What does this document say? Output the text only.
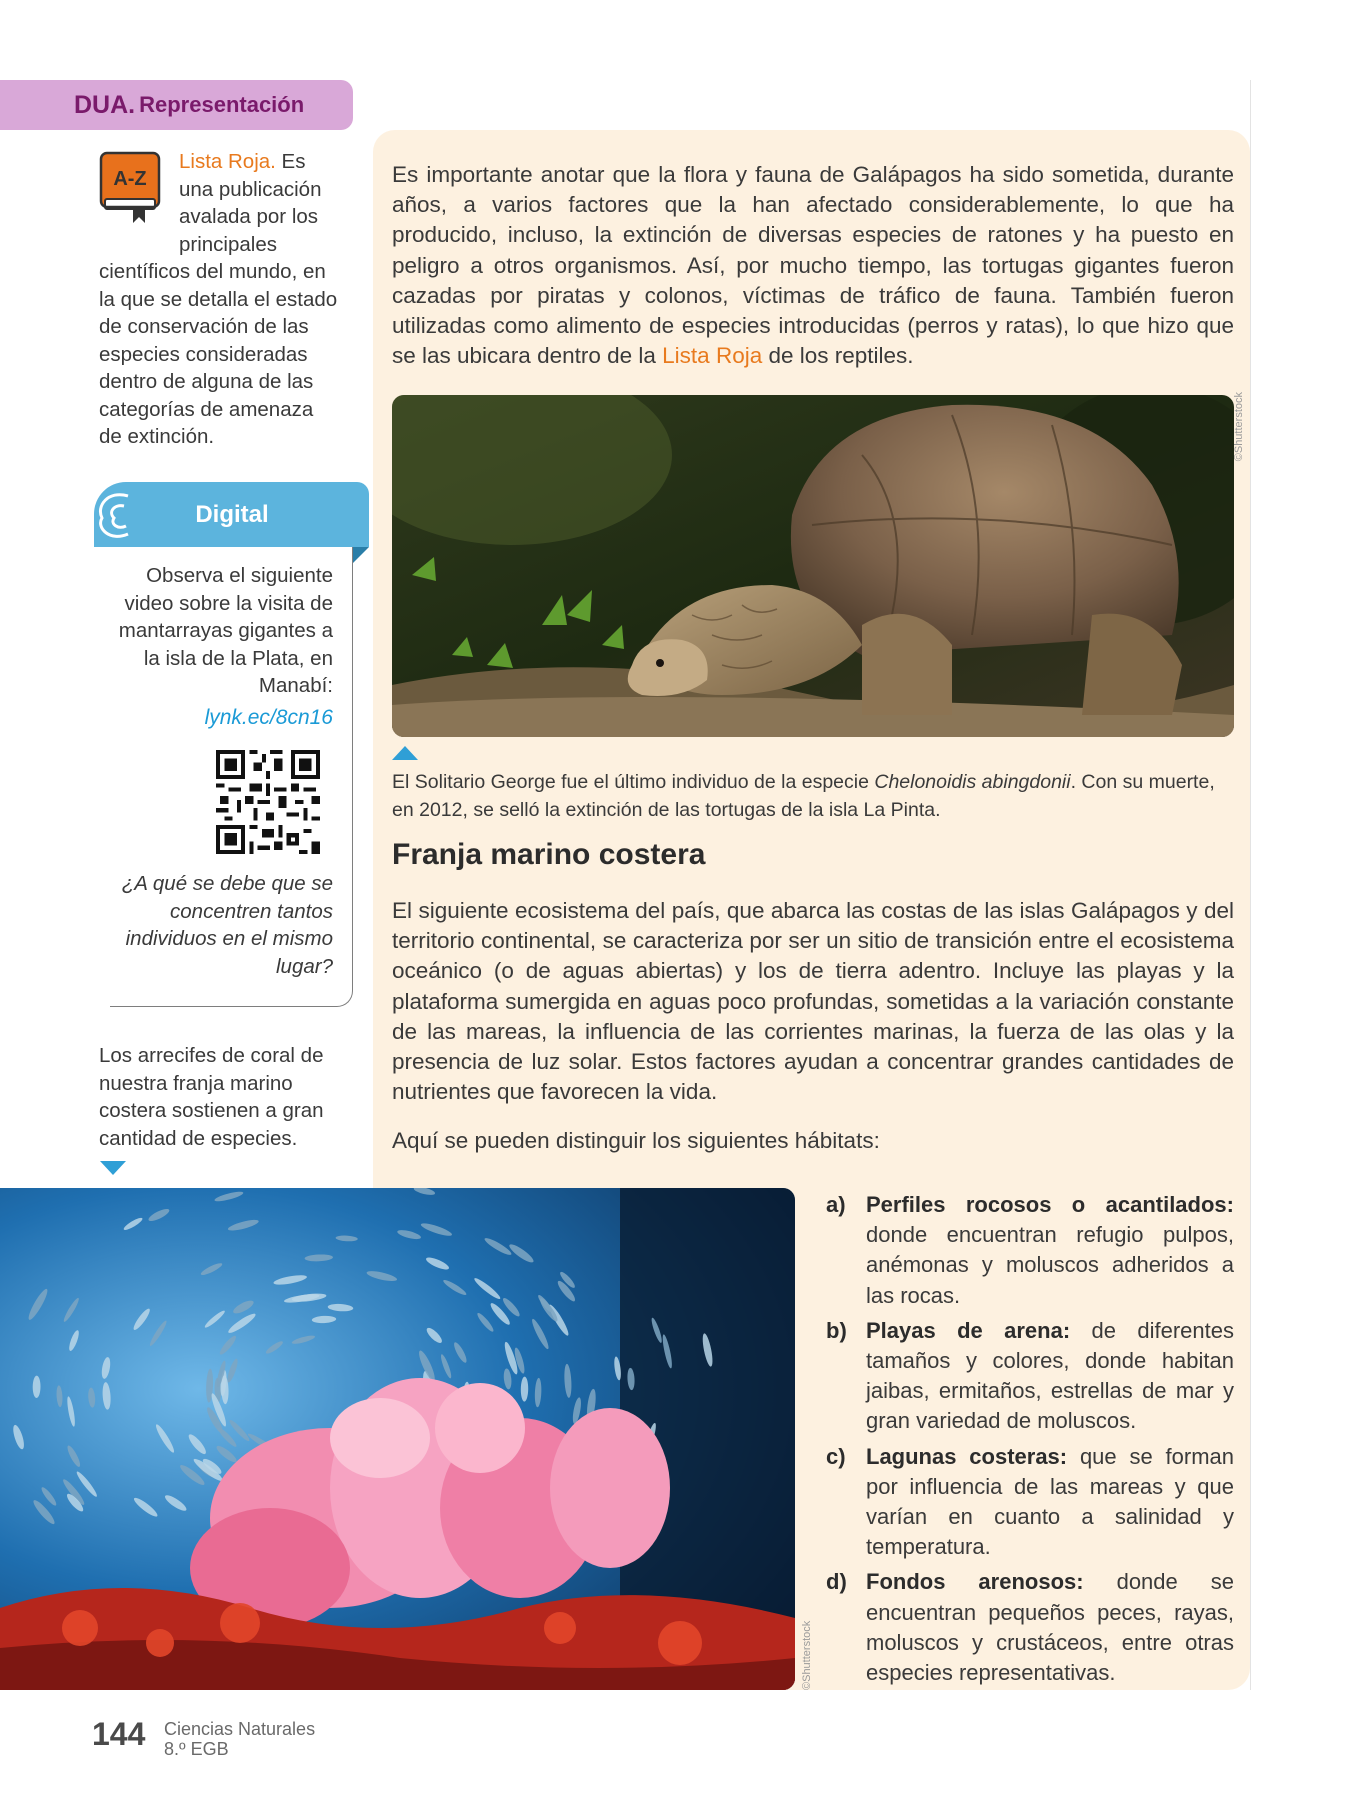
DUA. Representación
Lista Roja. Es una publicación avalada por los principales científicos del mundo, en la que se detalla el estado de conservación de las especies consideradas dentro de alguna de las categorías de amenaza de extinción.
A-Z
Digital
Observa el siguiente video sobre la visita de mantarrayas gigantes a la isla de la Plata, en Manabí:
lynk.ec/8cn16
¿A qué se debe que se concentren tantos individuos en el mismo lugar?
Los arrecifes de coral de nuestra franja marino costera sostienen a gran cantidad de especies.

Es importante anotar que la flora y fauna de Galápagos ha sido sometida, durante años, a varios factores que la han afectado considerablemente, lo que ha producido, incluso, la extinción de diversas especies de ratones y ha puesto en peligro a otros organismos. Así, por mucho tiempo, las tortugas gigantes fueron cazadas por piratas y colonos, víctimas de tráfico de fauna. También fueron utilizadas como alimento de especies introducidas (perros y ratas), lo que hizo que se las ubicara dentro de la Lista Roja de los reptiles.

©Shutterstock

El Solitario George fue el último individuo de la especie Chelonoidis abingdonii. Con su muerte, en 2012, se selló la extinción de las tortugas de la isla La Pinta.

Franja marino costera

El siguiente ecosistema del país, que abarca las costas de las islas Galápagos y del territorio continental, se caracteriza por ser un sitio de transición entre el ecosistema oceánico (o de aguas abiertas) y los de tierra adentro. Incluye las playas y la plataforma sumergida en aguas poco profundas, sometidas a la variación constante de las mareas, la influencia de las corrientes marinas, la fuerza de las olas y la presencia de luz solar. Estos factores ayudan a concentrar grandes cantidades de nutrientes que favorecen la vida.

Aquí se pueden distinguir los siguientes hábitats:

©Shutterstock
a) Perfiles rocosos o acantilados: donde encuentran refugio pulpos, anémonas y moluscos adheridos a las rocas.
b) Playas de arena: de diferentes tamaños y colores, donde habitan jaibas, ermitaños, estrellas de mar y gran variedad de moluscos.
c) Lagunas costeras: que se forman por influencia de las mareas y que varían en cuanto a salinidad y temperatura.
d) Fondos arenosos: donde se encuentran pequeños peces, rayas, moluscos y crustáceos, entre otras especies representativas.
144 Ciencias Naturales
8.º EGB
